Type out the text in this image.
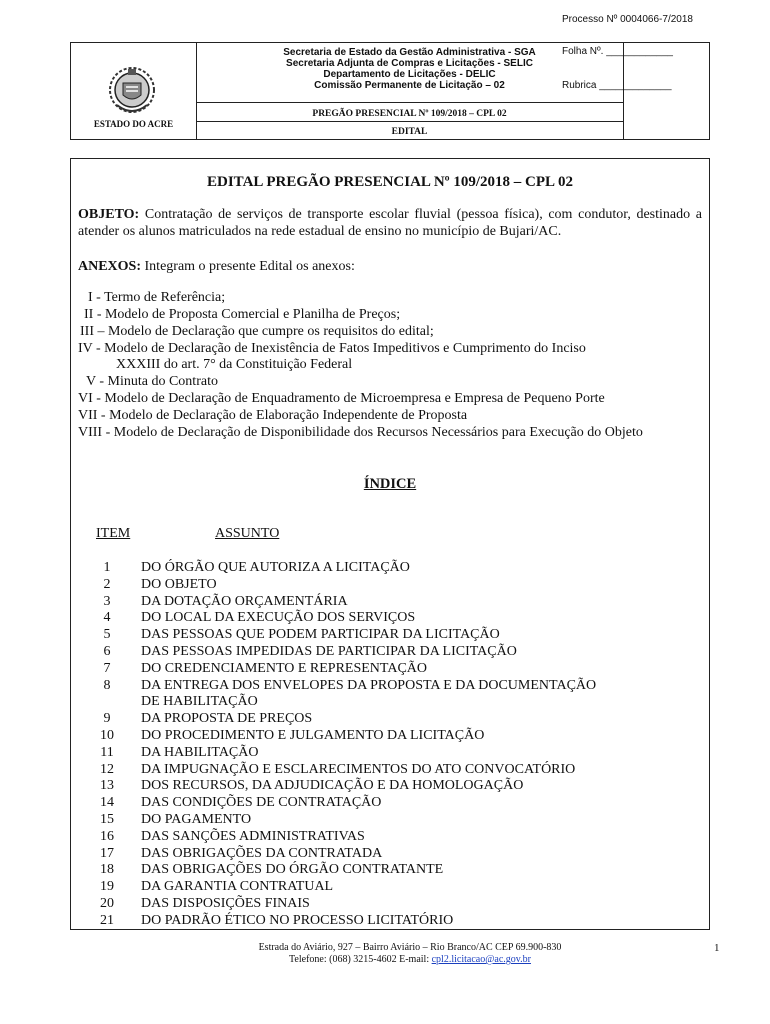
ESTADO DO ACRE
Secretaria de Estado da Gestão Administrativa - SGA
Secretaria Adjunta de Compras e Licitações - SELIC
Departamento de Licitações - DELIC
Comissão Permanente de Licitação – 02
PREGÃO PRESENCIAL Nº 109/2018 – CPL 02
EDITAL
Processo Nº 0004066-7/2018
Folha Nº. ____________
Rubrica _____________
EDITAL PREGÃO PRESENCIAL Nº 109/2018 – CPL 02
OBJETO: Contratação de serviços de transporte escolar fluvial (pessoa física), com condutor, destinado a atender os alunos matriculados na rede estadual de ensino no município de Bujari/AC.
ANEXOS: Integram o presente Edital os anexos:
I - Termo de Referência;
II - Modelo de Proposta Comercial e Planilha de Preços;
III – Modelo de Declaração que cumpre os requisitos do edital;
IV - Modelo de Declaração de Inexistência de Fatos Impeditivos e Cumprimento do Inciso
XXXIII do art. 7° da Constituição Federal
V - Minuta do Contrato
VI - Modelo de Declaração de Enquadramento de Microempresa e Empresa de Pequeno Porte
VII - Modelo de Declaração de Elaboração Independente de Proposta
VIII - Modelo de Declaração de Disponibilidade dos Recursos Necessários para Execução do Objeto
ÍNDICE
ITEM	ASSUNTO
1	DO ÓRGÃO QUE AUTORIZA A LICITAÇÃO
2	DO OBJETO
3	DA DOTAÇÃO ORÇAMENTÁRIA
4	DO LOCAL DA EXECUÇÃO DOS SERVIÇOS
5	DAS PESSOAS QUE PODEM PARTICIPAR DA LICITAÇÃO
6	DAS PESSOAS IMPEDIDAS DE PARTICIPAR DA LICITAÇÃO
7	DO CREDENCIAMENTO E REPRESENTAÇÃO
8	DA ENTREGA DOS ENVELOPES DA PROPOSTA E DA DOCUMENTAÇÃO
DE HABILITAÇÃO
9	DA PROPOSTA DE PREÇOS
10	DO PROCEDIMENTO E JULGAMENTO DA LICITAÇÃO
11	DA HABILITAÇÃO
12	DA IMPUGNAÇÃO E ESCLARECIMENTOS DO ATO CONVOCATÓRIO
13	DOS RECURSOS, DA ADJUDICAÇÃO E DA HOMOLOGAÇÃO
14	DAS CONDIÇÕES DE CONTRATAÇÃO
15	DO PAGAMENTO
16	DAS SANÇÕES ADMINISTRATIVAS
17	DAS OBRIGAÇÕES DA CONTRATADA
18	DAS OBRIGAÇÕES DO ÓRGÃO CONTRATANTE
19	DA GARANTIA CONTRATUAL
20	DAS DISPOSIÇÕES FINAIS
21	DO PADRÃO ÉTICO NO PROCESSO LICITATÓRIO
Estrada do Aviário, 927 – Bairro Aviário – Rio Branco/AC CEP 69.900-830
Telefone: (068) 3215-4602 E-mail: cpl2.licitacao@ac.gov.br
1
